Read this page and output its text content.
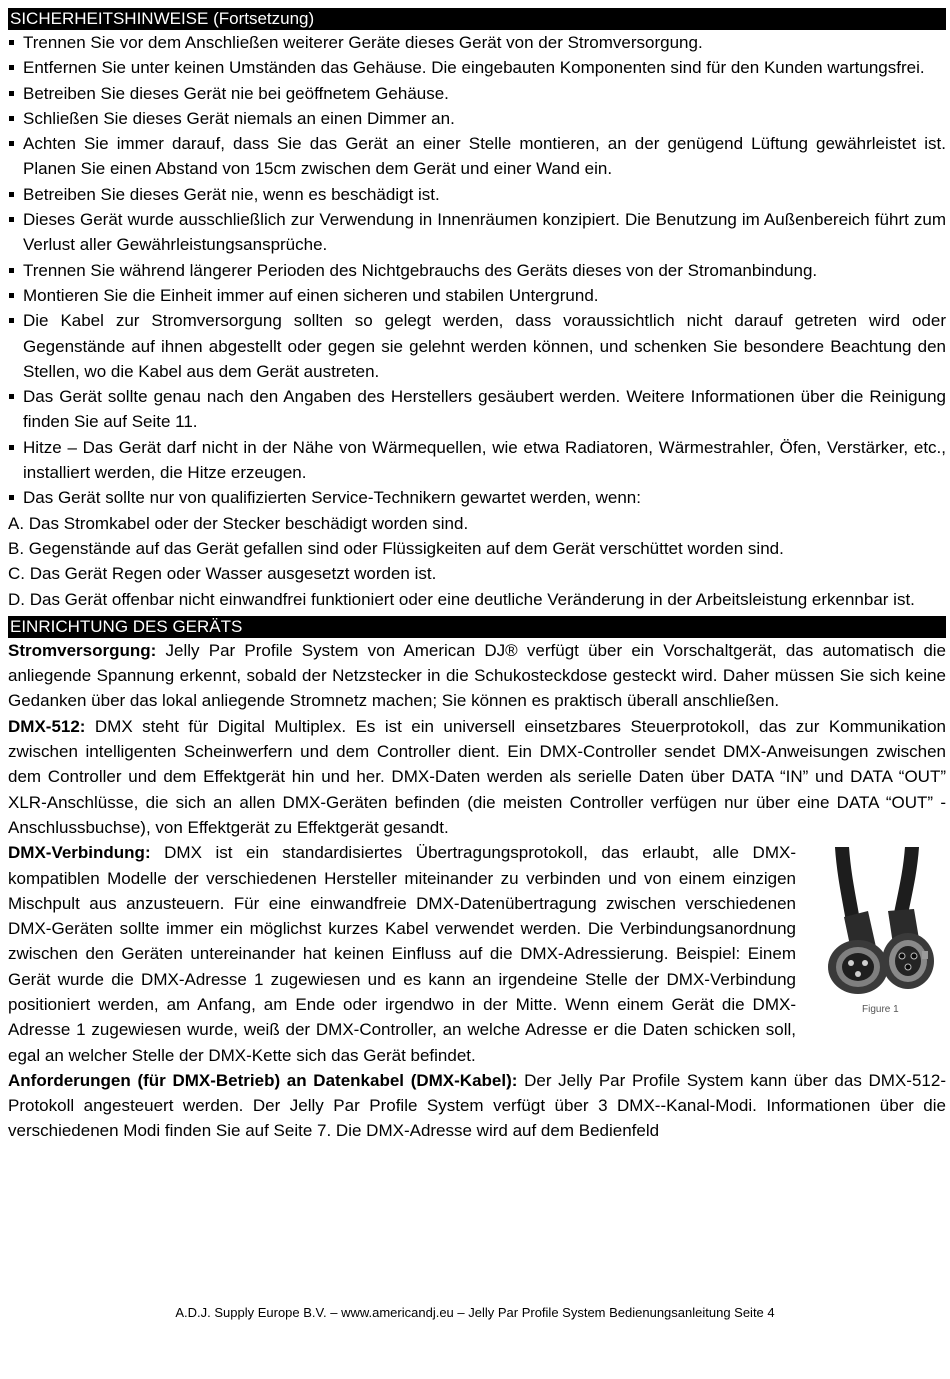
SICHERHEITSHINWEISE (Fortsetzung)
Trennen Sie vor dem Anschließen weiterer Geräte dieses Gerät von der Stromversorgung.
Entfernen Sie unter keinen Umständen das Gehäuse. Die eingebauten Komponenten sind für den Kunden wartungsfrei.
Betreiben Sie dieses Gerät nie bei geöffnetem Gehäuse.
Schließen Sie dieses Gerät niemals an einen Dimmer an.
Achten Sie immer darauf, dass Sie das Gerät an einer Stelle montieren, an der genügend Lüftung gewährleistet ist. Planen Sie einen Abstand von 15cm zwischen dem Gerät und einer Wand ein.
Betreiben Sie dieses Gerät nie, wenn es beschädigt ist.
Dieses Gerät wurde ausschließlich zur Verwendung in Innenräumen konzipiert. Die Benutzung im Außenbereich führt zum Verlust aller Gewährleistungsansprüche.
Trennen Sie während längerer Perioden des Nichtgebrauchs des Geräts dieses von der Stromanbindung.
Montieren Sie die Einheit immer auf einen sicheren und stabilen Untergrund.
Die Kabel zur Stromversorgung sollten so gelegt werden, dass voraussichtlich nicht darauf getreten wird oder Gegenstände auf ihnen abgestellt oder gegen sie gelehnt werden können, und schenken Sie besondere Beachtung den Stellen, wo die Kabel aus dem Gerät austreten.
Das Gerät sollte genau nach den Angaben des Herstellers gesäubert werden. Weitere Informationen über die Reinigung finden Sie auf Seite 11.
Hitze – Das Gerät darf nicht in der Nähe von Wärmequellen, wie etwa Radiatoren, Wärmestrahler, Öfen, Verstärker, etc., installiert werden, die Hitze erzeugen.
Das Gerät sollte nur von qualifizierten Service-Technikern gewartet werden, wenn:
A. Das Stromkabel oder der Stecker beschädigt worden sind.
B. Gegenstände auf das Gerät gefallen sind oder Flüssigkeiten auf dem Gerät verschüttet worden sind.
C. Das Gerät Regen oder Wasser ausgesetzt worden ist.
D. Das Gerät offenbar nicht einwandfrei funktioniert oder eine deutliche Veränderung in der Arbeitsleistung erkennbar ist.
EINRICHTUNG DES GERÄTS
Stromversorgung: Jelly Par Profile System von American DJ® verfügt über ein Vorschaltgerät, das automatisch die anliegende Spannung erkennt, sobald der Netzstecker in die Schukosteckdose gesteckt wird. Daher müssen Sie sich keine Gedanken über das lokal anliegende Stromnetz machen; Sie können es praktisch überall anschließen.
DMX-512: DMX steht für Digital Multiplex. Es ist ein universell einsetzbares Steuerprotokoll, das zur Kommunikation zwischen intelligenten Scheinwerfern und dem Controller dient. Ein DMX-Controller sendet DMX-Anweisungen zwischen dem Controller und dem Effektgerät hin und her. DMX-Daten werden als serielle Daten über DATA “IN” und DATA “OUT” XLR-Anschlüsse, die sich an allen DMX-Geräten befinden (die meisten Controller verfügen nur über eine DATA “OUT” - Anschlussbuchse), von Effektgerät zu Effektgerät gesandt.
Figure 1
DMX-Verbindung: DMX ist ein standardisiertes Übertragungsprotokoll, das erlaubt, alle DMX-kompatiblen Modelle der verschiedenen Hersteller miteinander zu verbinden und von einem einzigen Mischpult aus anzusteuern. Für eine einwandfreie DMX-Datenübertragung zwischen verschiedenen DMX-Geräten sollte immer ein möglichst kurzes Kabel verwendet werden. Die Verbindungsanordnung zwischen den Geräten untereinander hat keinen Einfluss auf die DMX-Adressierung. Beispiel: Einem Gerät wurde die DMX-Adresse 1 zugewiesen und es kann an irgendeine Stelle der DMX-Verbindung positioniert werden, am Anfang, am Ende oder irgendwo in der Mitte. Wenn einem Gerät die DMX-Adresse 1 zugewiesen wurde, weiß der DMX-Controller, an welche Adresse er die Daten schicken soll, egal an welcher Stelle der DMX-Kette sich das Gerät befindet.
Anforderungen (für DMX-Betrieb) an Datenkabel (DMX-Kabel): Der Jelly Par Profile System kann über das DMX-512-Protokoll angesteuert werden. Der Jelly Par Profile System verfügt über 3 DMX--Kanal-Modi. Informationen über die verschiedenen Modi finden Sie auf Seite 7. Die DMX-Adresse wird auf dem Bedienfeld
A.D.J. Supply Europe B.V. – www.americandj.eu – Jelly Par Profile System Bedienungsanleitung Seite 4
